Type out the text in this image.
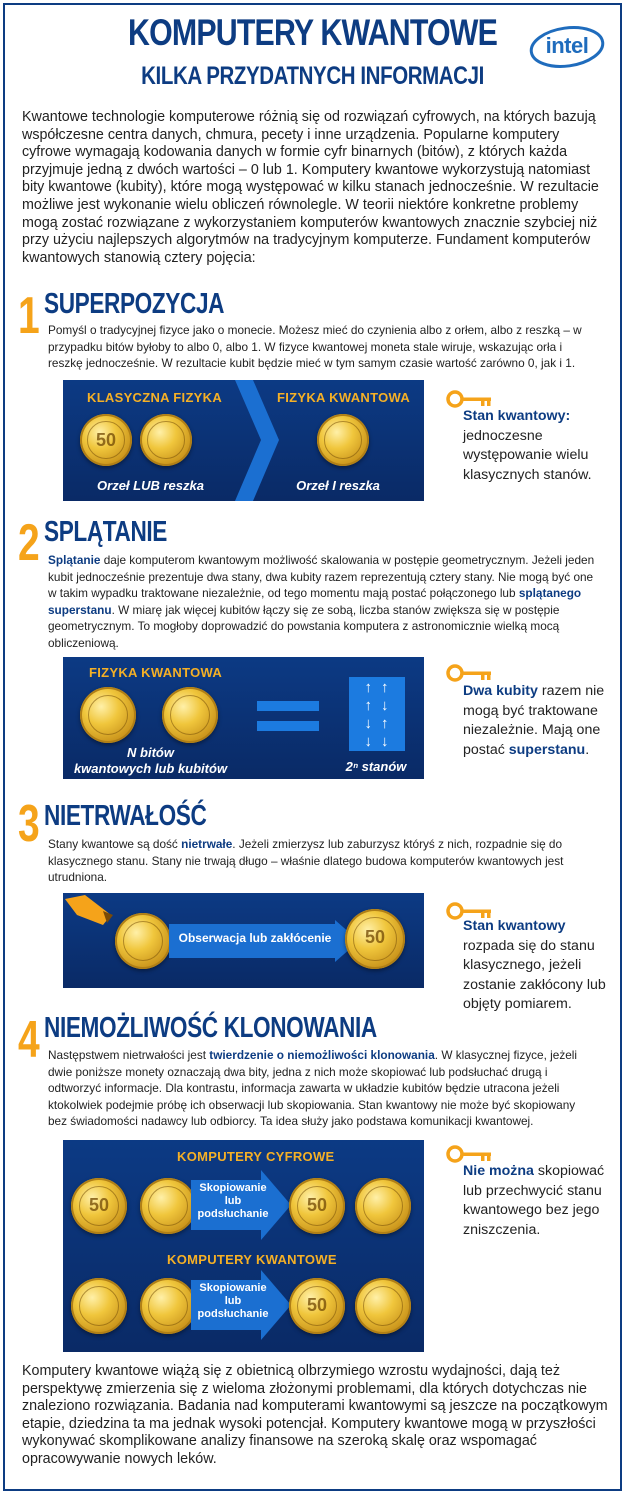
KOMPUTERY KWANTOWE
KILKA PRZYDATNYCH INFORMACJI
intel
Kwantowe technologie komputerowe różnią się od rozwiązań cyfrowych, na których bazują współczesne centra danych, chmura, pecety i inne urządzenia. Popularne komputery cyfrowe wymagają kodowania danych w formie cyfr binarnych (bitów), z których każda przyjmuje jedną z dwóch wartości – 0 lub 1. Komputery kwantowe wykorzystują natomiast bity kwantowe (kubity), które mogą występować w kilku stanach jednocześnie. W rezultacie możliwe jest wykonanie wielu obliczeń równolegle. W teorii niektóre konkretne problemy mogą zostać rozwiązane z wykorzystaniem komputerów kwantowych znacznie szybciej niż przy użyciu najlepszych algorytmów na tradycyjnym komputerze. Fundament komputerów kwantowych stanowią cztery pojęcia:
1 SUPERPOZYCJA
Pomyśl o tradycyjnej fizyce jako o monecie. Możesz mieć do czynienia albo z orłem, albo z reszką – w przypadku bitów byłoby to albo 0, albo 1. W fizyce kwantowej moneta stale wiruje, wskazując orła i reszkę jednocześnie. W rezultacie kubit będzie mieć w tym samym czasie wartość zarówno 0, jak i 1.
KLASYCZNA FIZYKA	FIZYKA KWANTOWA
50
Orzeł LUB reszka	Orzeł I reszka
Stan kwantowy:
jednoczesne występowanie wielu klasycznych stanów.
2 SPLĄTANIE
Splątanie daje komputerom kwantowym możliwość skalowania w postępie geometrycznym. Jeżeli jeden kubit jednocześnie prezentuje dwa stany, dwa kubity razem reprezentują cztery stany. Nie mogą być one w takim wypadku traktowane niezależnie, od tego momentu mają postać połączonego lub splątanego superstanu. W miarę jak więcej kubitów łączy się ze sobą, liczba stanów zwiększa się w postępie geometrycznym. To mogłoby doprowadzić do powstania komputera z astronomicznie wielką mocą obliczeniową.
FIZYKA KWANTOWA
N bitów
kwantowych lub kubitów
↑↑↑↓↓↑↓↓
2ⁿ stanów
Dwa kubity razem nie mogą być traktowane niezależnie. Mają one postać superstanu.
3 NIETRWAŁOŚĆ
Stany kwantowe są dość nietrwałe. Jeżeli zmierzysz lub zaburzysz któryś z nich, rozpadnie się do klasycznego stanu. Stany nie trwają długo – właśnie dlatego budowa komputerów kwantowych jest utrudniona.
Obserwacja lub zakłócenie	50
Stan kwantowy rozpada się do stanu klasycznego, jeżeli zostanie zakłócony lub objęty pomiarem.
4 NIEMOŻLIWOŚĆ KLONOWANIA
Następstwem nietrwałości jest twierdzenie o niemożliwości klonowania. W klasycznej fizyce, jeżeli dwie poniższe monety oznaczają dwa bity, jedna z nich może skopiować lub podsłuchać drugą i odtworzyć informacje. Dla kontrastu, informacja zawarta w układzie kubitów będzie utracona jeżeli ktokolwiek podejmie próbę ich obserwacji lub skopiowania. Stan kwantowy nie może być skopiowany bez świadomości nadawcy lub odbiorcy. Ta idea służy jako podstawa komunikacji kwantowej.
KOMPUTERY CYFROWE
50
Skopiowanie
lub
podsłuchanie	50
KOMPUTERY KWANTOWE
Skopiowanie
lub
podsłuchanie	50
Nie można skopiować lub przechwycić stanu kwantowego bez jego zniszczenia.
Komputery kwantowe wiążą się z obietnicą olbrzymiego wzrostu wydajności, dają też perspektywę zmierzenia się z wieloma złożonymi problemami, dla których dotychczas nie znaleziono rozwiązania. Badania nad komputerami kwantowymi są jeszcze na początkowym etapie, dziedzina ta ma jednak wysoki potencjał. Komputery kwantowe mogą w przyszłości wykonywać skomplikowane analizy finansowe na szeroką skalę oraz wspomagać opracowywanie nowych leków.
